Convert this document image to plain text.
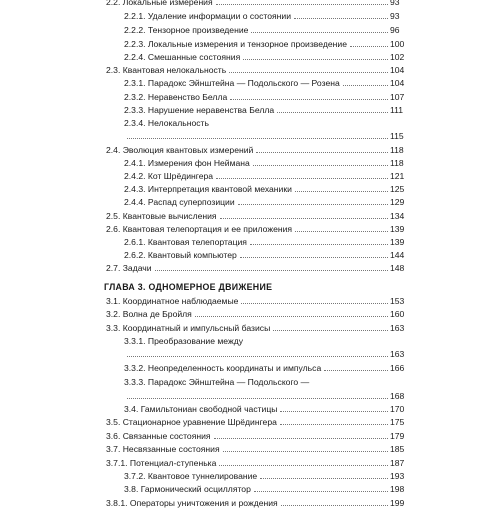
2.2. Локальные измерения	93
2.2.1. Удаление информации о состоянии	93
2.2.2. Тензорное произведение	96
2.2.3. Локальные измерения и тензорное произведение	100
2.2.4. Смешанные состояния	102
2.3. Квантовая нелокальность	104
2.3.1. Парадокс Эйнштейна — Подольского — Розена	104
2.3.2. Неравенство Белла	107
2.3.3. Нарушение неравенства Белла	111
2.3.4. Нелокальность
115
2.4. Эволюция квантовых измерений	118
2.4.1. Измерения фон Неймана	118
2.4.2. Кот Шрёдингера	121
2.4.3. Интерпретация квантовой механики	125
2.4.4. Распад суперпозиции	129
2.5. Квантовые вычисления	134
2.6. Квантовая телепортация и ее приложения	139
2.6.1. Квантовая телепортация	139
2.6.2. Квантовый компьютер	144
2.7. Задачи	148
ГЛАВА 3. ОДНОМЕРНОЕ ДВИЖЕНИЕ
3.1. Координатное наблюдаемые	153
3.2. Волна де Бройля	160
3.3. Координатный и импульсный базисы	163
3.3.1. Преобразование между
163
3.3.2. Неопределенность координаты и импульса	166
3.3.3. Парадокс Эйнштейна — Подольского —
168
3.4. Гамильтониан свободной частицы	170
3.5. Стационарное уравнение Шрёдингера	175
3.6. Связанные состояния	179
3.7. Несвязанные состояния	185
3.7.1. Потенциал-ступенька	187
3.7.2. Квантовое туннелирование	193
3.8. Гармонический осциллятор	198
3.8.1. Операторы уничтожения и рождения	199
